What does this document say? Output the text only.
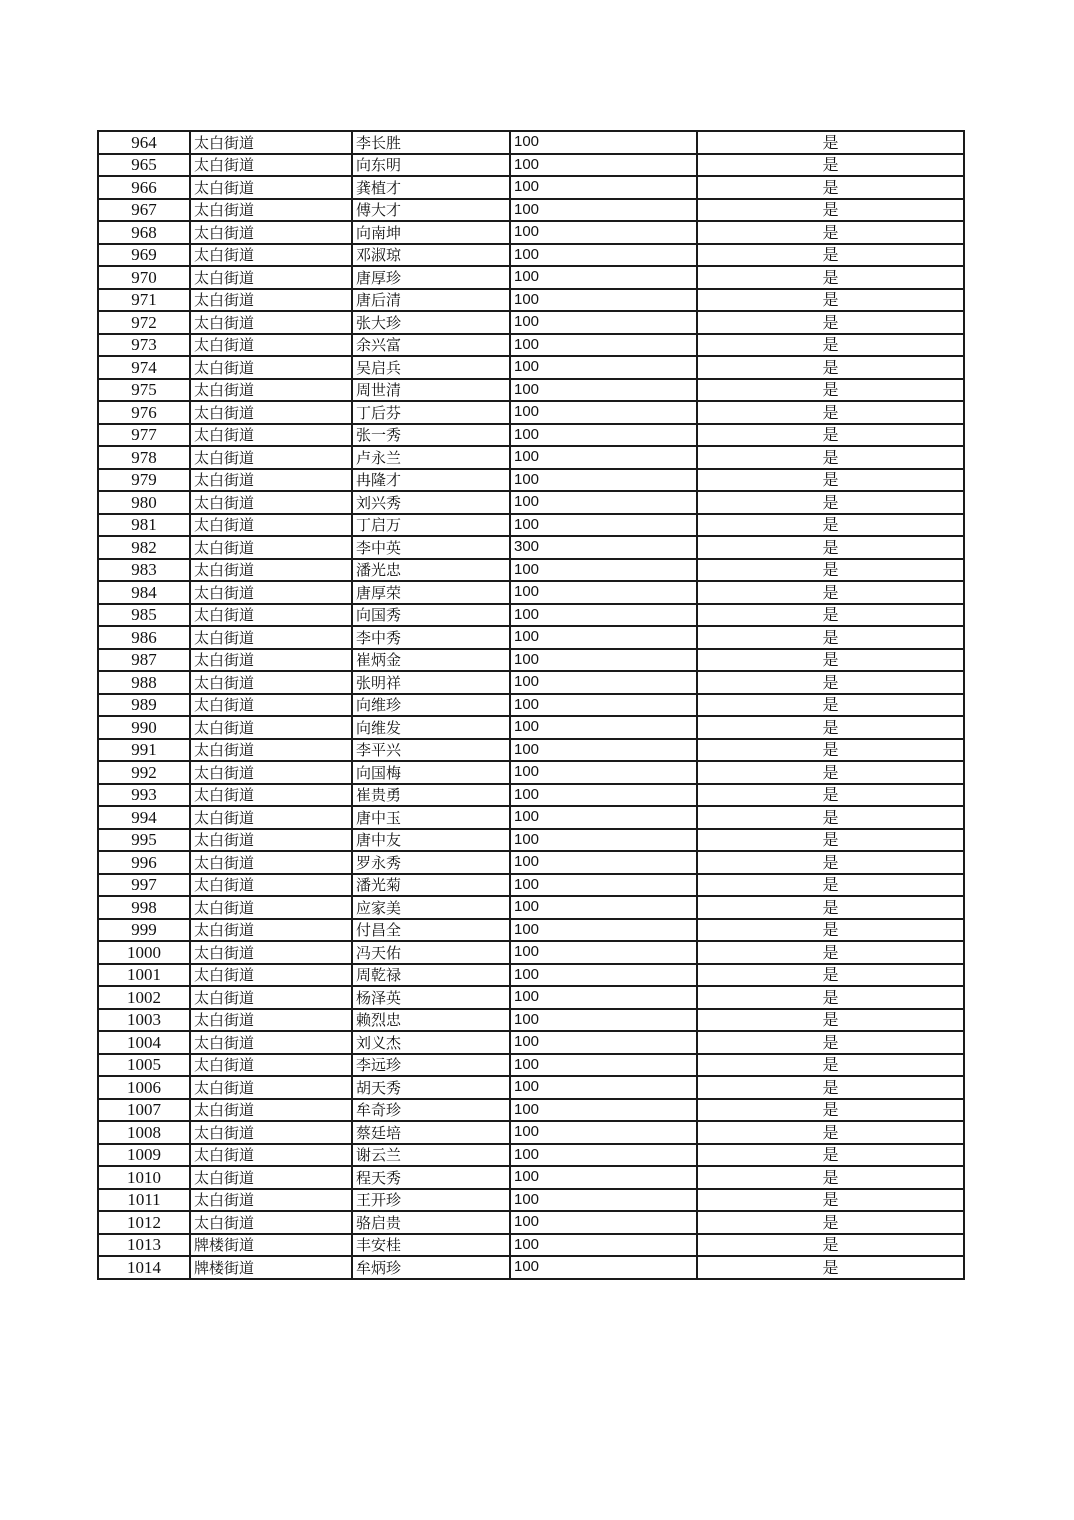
964	太白街道	李长胜	100	是
965	太白街道	向东明	100	是
966	太白街道	龚植才	100	是
967	太白街道	傅大才	100	是
968	太白街道	向南坤	100	是
969	太白街道	邓淑琼	100	是
970	太白街道	唐厚珍	100	是
971	太白街道	唐后清	100	是
972	太白街道	张大珍	100	是
973	太白街道	余兴富	100	是
974	太白街道	吴启兵	100	是
975	太白街道	周世清	100	是
976	太白街道	丁后芬	100	是
977	太白街道	张一秀	100	是
978	太白街道	卢永兰	100	是
979	太白街道	冉隆才	100	是
980	太白街道	刘兴秀	100	是
981	太白街道	丁启万	100	是
982	太白街道	李中英	300	是
983	太白街道	潘光忠	100	是
984	太白街道	唐厚荣	100	是
985	太白街道	向国秀	100	是
986	太白街道	李中秀	100	是
987	太白街道	崔炳金	100	是
988	太白街道	张明祥	100	是
989	太白街道	向维珍	100	是
990	太白街道	向维发	100	是
991	太白街道	李平兴	100	是
992	太白街道	向国梅	100	是
993	太白街道	崔贵勇	100	是
994	太白街道	唐中玉	100	是
995	太白街道	唐中友	100	是
996	太白街道	罗永秀	100	是
997	太白街道	潘光菊	100	是
998	太白街道	应家美	100	是
999	太白街道	付昌全	100	是
1000	太白街道	冯天佑	100	是
1001	太白街道	周乾禄	100	是
1002	太白街道	杨泽英	100	是
1003	太白街道	赖烈忠	100	是
1004	太白街道	刘义杰	100	是
1005	太白街道	李远珍	100	是
1006	太白街道	胡天秀	100	是
1007	太白街道	牟奇珍	100	是
1008	太白街道	蔡廷培	100	是
1009	太白街道	谢云兰	100	是
1010	太白街道	程天秀	100	是
1011	太白街道	王开珍	100	是
1012	太白街道	骆启贵	100	是
1013	牌楼街道	丰安桂	100	是
1014	牌楼街道	牟炳珍	100	是
